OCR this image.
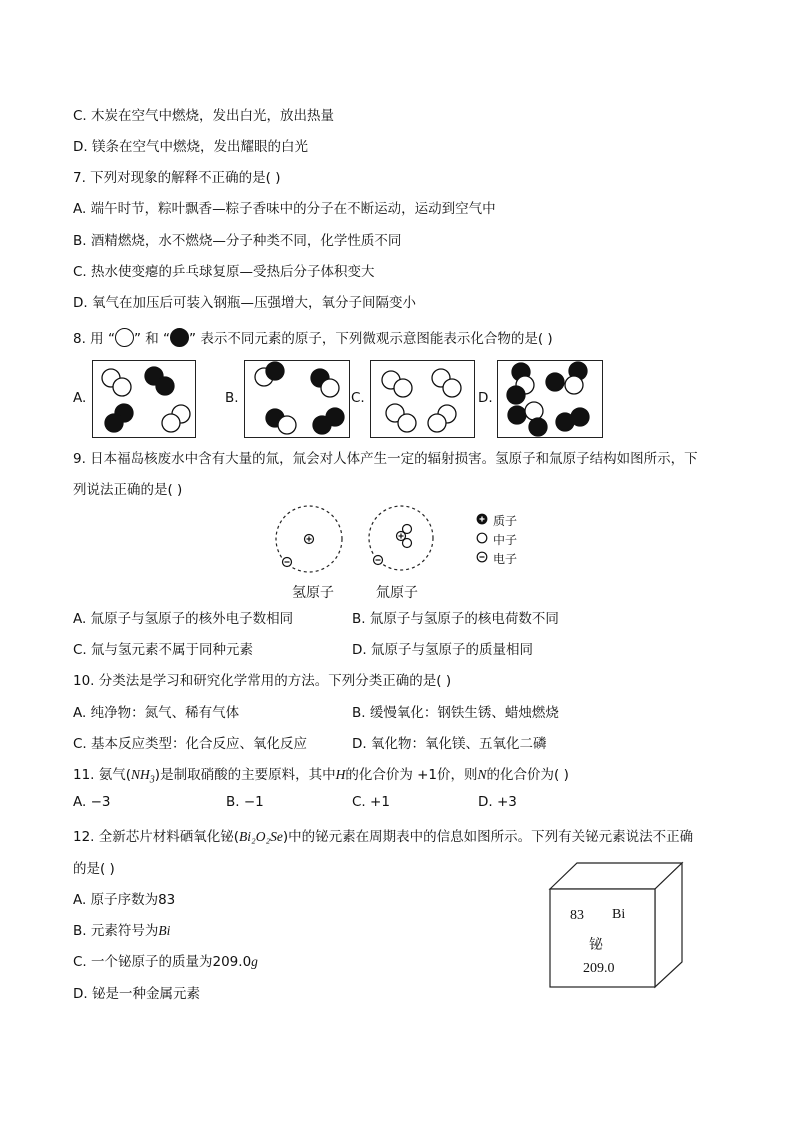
C. 木炭在空气中燃烧，发出白光，放出热量
D. 镁条在空气中燃烧，发出耀眼的白光
7. 下列对现象的解释不正确的是( )
A. 端午时节，粽叶飘香—粽子香味中的分子在不断运动，运动到空气中
B. 酒精燃烧，水不燃烧—分子种类不同，化学性质不同
C. 热水使变瘪的乒乓球复原—受热后分子体积变大
D. 氧气在加压后可装入钢瓶—压强增大，氧分子间隔变小
8. 用 “ ” 和 “ ” 表示不同元素的原子，下列微观示意图能表示化合物的是( )
A.	B.	C.	D.
9. 日本福岛核废水中含有大量的氚，氚会对人体产生一定的辐射损害。氢原子和氚原子结构如图所示，下
列说法正确的是( )
氢原子	氚原子
质子
中子
电子
A. 氚原子与氢原子的核外电子数相同	B. 氚原子与氢原子的核电荷数不同
C. 氚与氢元素不属于同种元素	D. 氚原子与氢原子的质量相同
10. 分类法是学习和研究化学常用的方法。下列分类正确的是( )
A. 纯净物：氮气、稀有气体	B. 缓慢氧化：钢铁生锈、蜡烛燃烧
C. 基本反应类型：化合反应、氧化反应	D. 氧化物：氧化镁、五氧化二磷
11. 氨气$(NH_3)$是制取硝酸的主要原料，其中H的化合价为 +1价，则N的化合价为( )
A. −3	B. −1	C. +1	D. +3
12. 全新芯片材料硒氧化铋(Bi₂O₂Se)中的铋元素在周期表中的信息如图所示。下列有关铋元素说法不正确
的是( )
A. 原子序数为83
B. 元素符号为Bi
C. 一个铋原子的质量为209.0g
D. 铋是一种金属元素
83 Bi
铋
209.0
